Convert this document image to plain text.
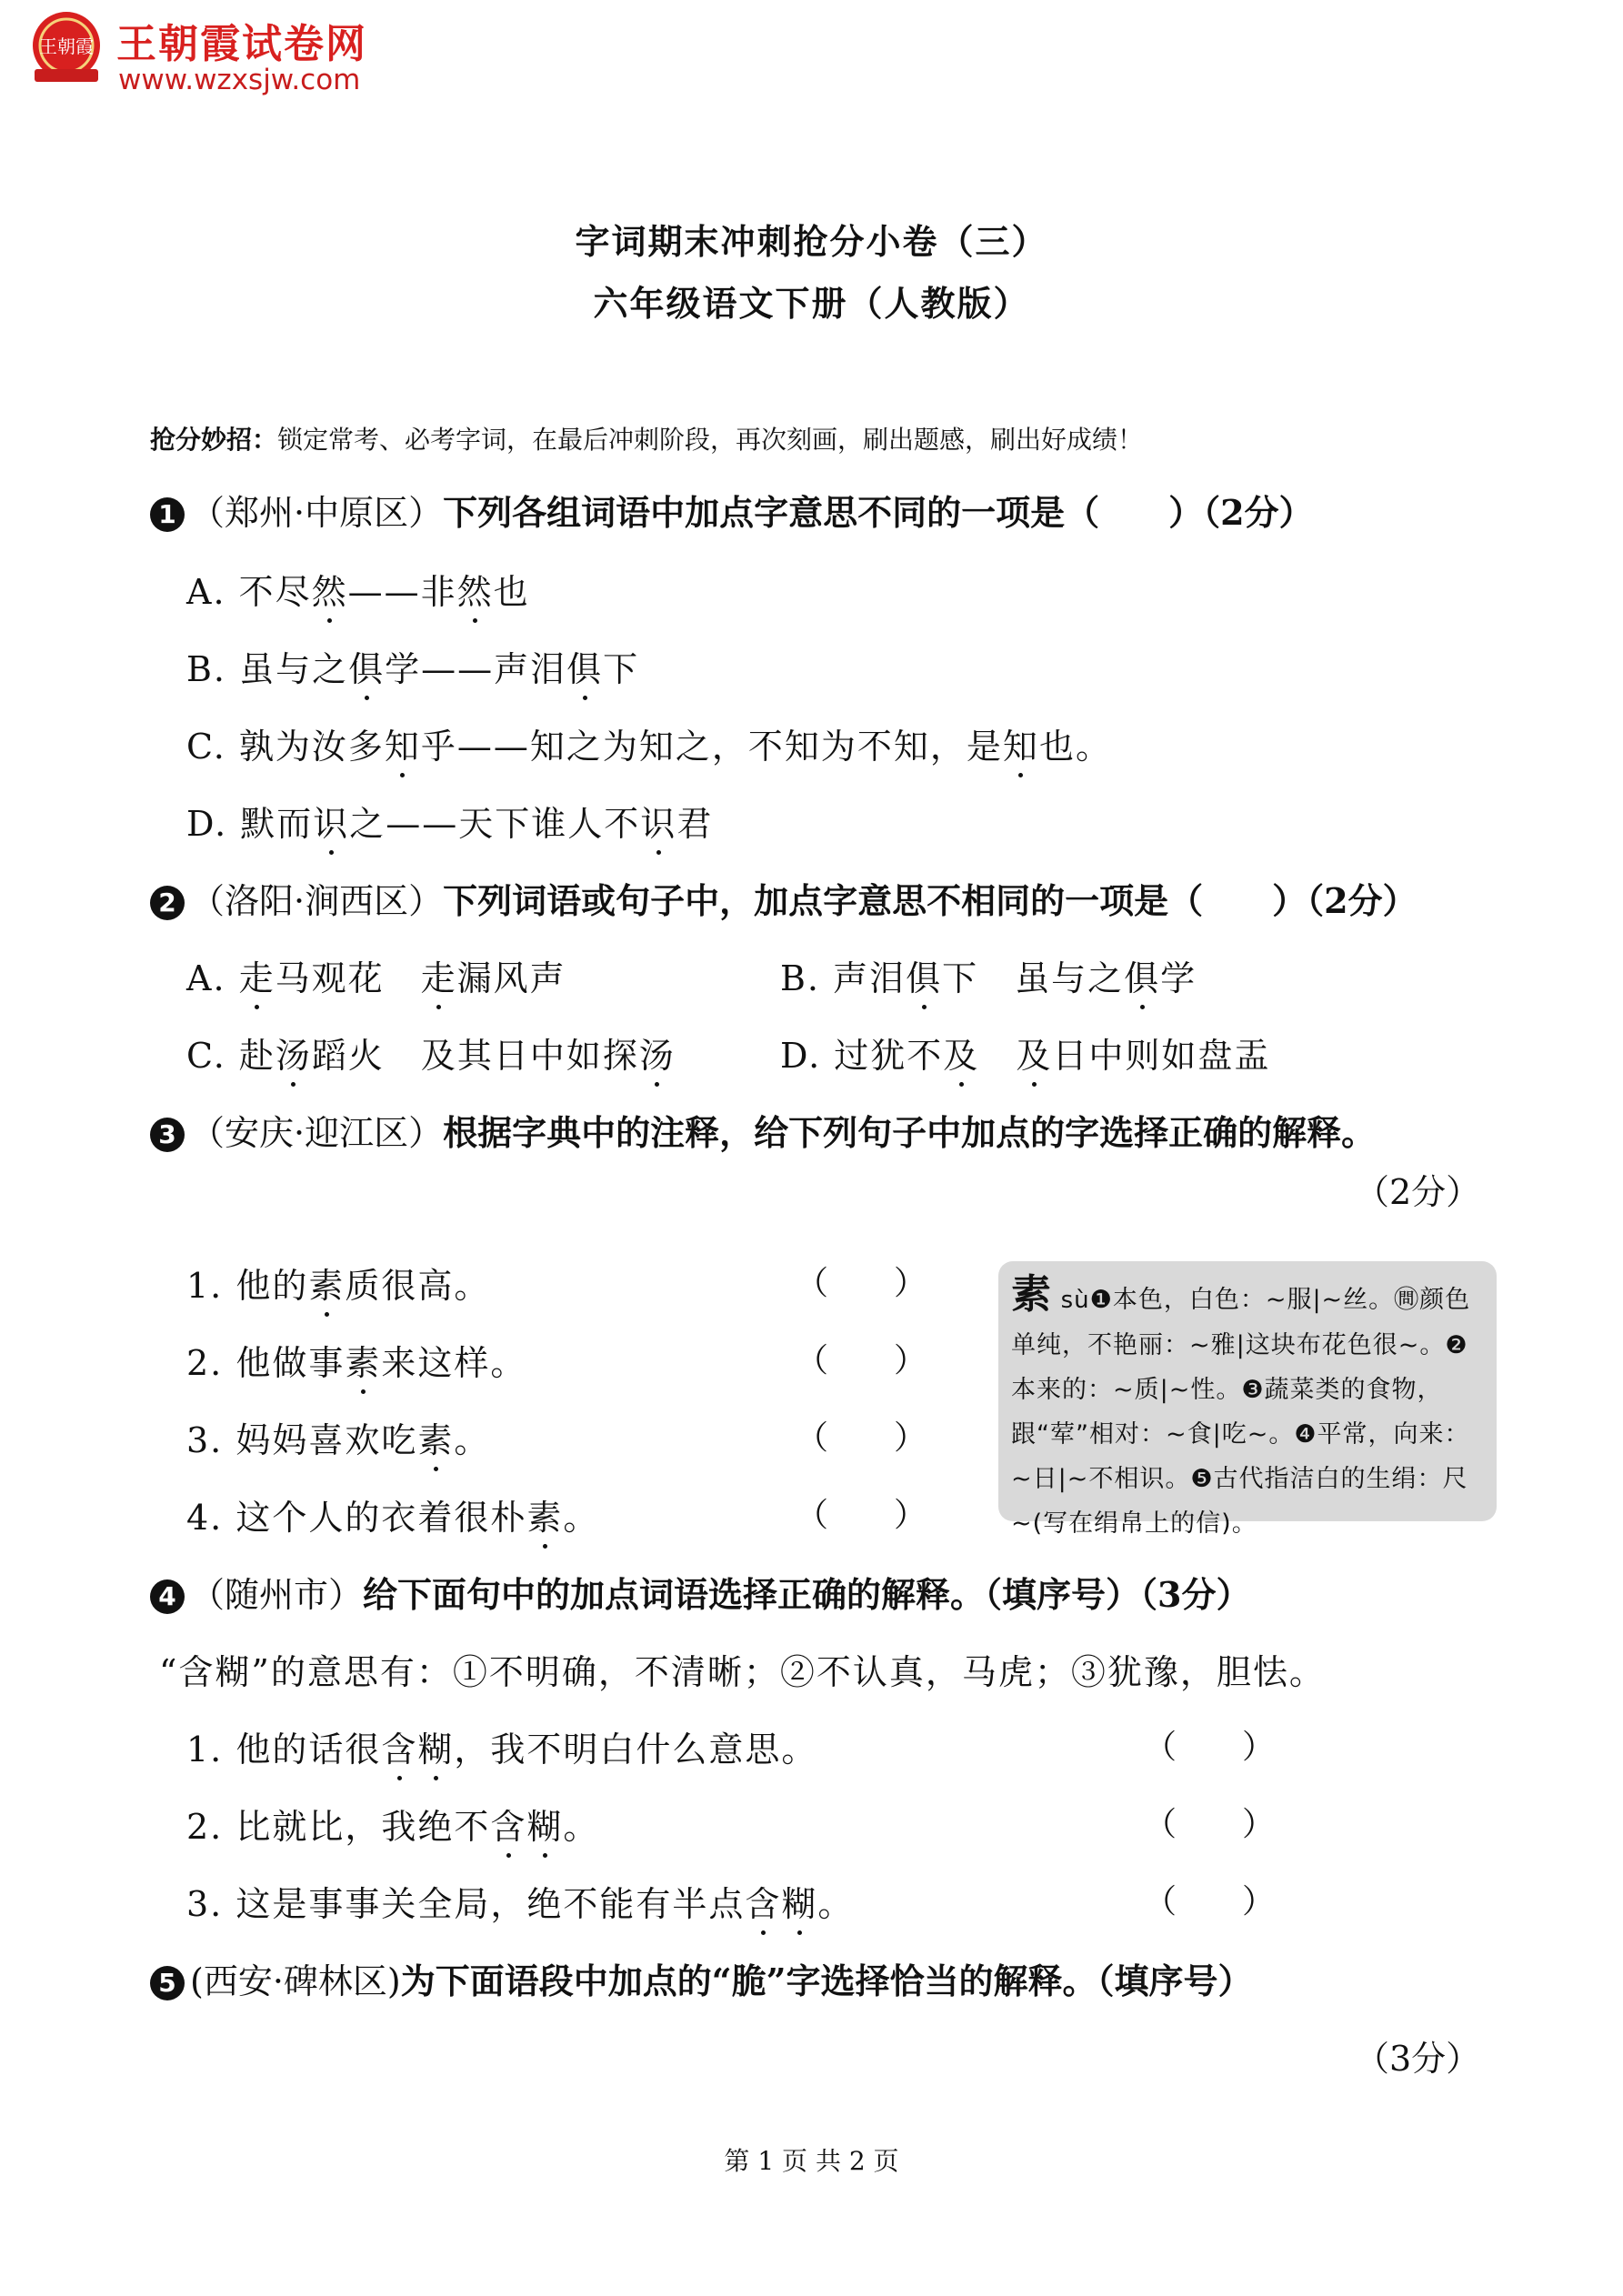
王朝霞 王朝霞试卷网
www.wzxsjw.com
字词期末冲刺抢分小卷（三）
六年级语文下册（人教版）
抢分妙招：锁定常考、必考字词，在最后冲刺阶段，再次刻画，刷出题感，刷出好成绩！
1 （郑州·中原区）下列各组词语中加点字意思不同的一项是（　　）（2分）
A. 不尽然——非然也
B. 虽与之俱学——声泪俱下
C. 孰为汝多知乎——知之为知之，不知为不知，是知也。
D. 默而识之——天下谁人不识君
2 （洛阳·涧西区）下列词语或句子中，加点字意思不相同的一项是（　　）（2分）
A. 走马观花　走漏风声	B. 声泪俱下　虽与之俱学
C. 赴汤蹈火　及其日中如探汤	D. 过犹不及　 及日中则如盘盂
3 （安庆·迎江区）根据字典中的注释，给下列句子中加点的字选择正确的解释。
（2分）
1. 他的素质很高。	（　　）
2. 他做事素来这样。	（　　）
3. 妈妈喜欢吃素。	（　　）
4. 这个人的衣着很朴素。	（　　）
素 sù❶本色，白色：~服|~丝。㉄颜色单纯，不艳丽：~雅|这块布花色很~。❷本来的：~质|~性。❸蔬菜类的食物，跟“荤”相对：~食|吃~。❹平常，向来：~日|~不相识。❺古代指洁白的生绢：尺~(写在绢帛上的信)。
4 （随州市）给下面句中的加点词语选择正确的解释。（填序号）（3分）
“含糊”的意思有：①不明确，不清晰；②不认真，马虎；③犹豫，胆怯。
1. 他的话很含糊，我不明白什么意思。	（　　）
2. 比就比，我绝不含糊。	（　　）
3. 这是事事关全局，绝不能有半点含糊。	（　　）
5 (西安·碑林区)为下面语段中加点的“脆”字选择恰当的解释。（填序号）
（3分）
第 1 页 共 2 页
